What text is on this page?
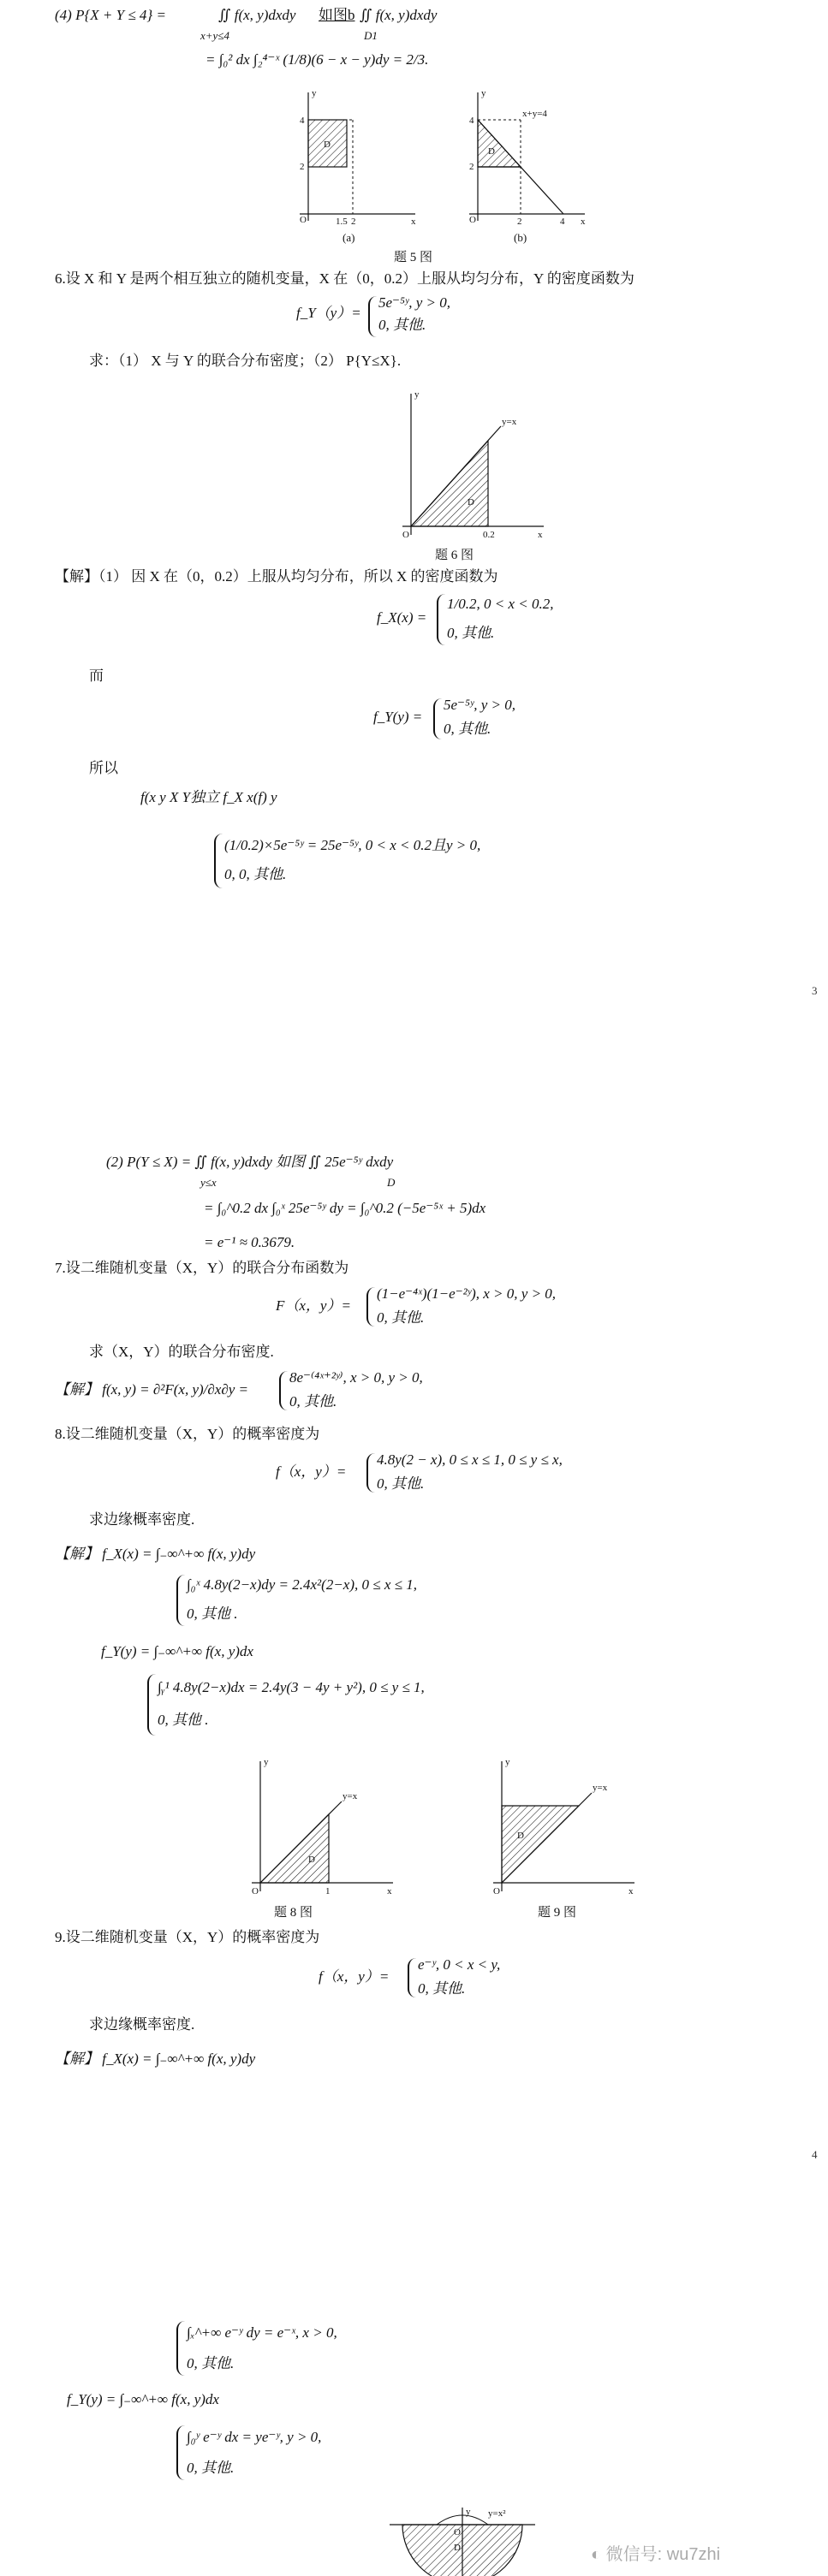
(4) P{X + Y ≤ 4} =	∬ f(x, y)dxdy
x+y≤4
如图b ∬ f(x, y)dxdy
D1
= ∫₀² dx ∫₂⁴⁻ˣ (1/8)(6 − x − y)dy = 2/3.
y
x
O	1.5 2
4
2
D
(a)
y
x
O	2	4
4
2
x+y=4
D
(b)
题 5 图
6.设 X 和 Y 是两个相互独立的随机变量，X 在（0，0.2）上服从均匀分布，Y 的密度函数为
f_Y（y）=
5e⁻⁵ʸ, y > 0,
0, 其他.
求：（1） X 与 Y 的联合分布密度；（2） P{Y≤X}.
y
y=x
D
O	0.2	x
题 6 图
【解】（1） 因 X 在（0，0.2）上服从均匀分布，所以 X 的密度函数为
f_X(x) =
1/0.2, 0 < x < 0.2,
0, 其他.
而
f_Y(y) =
5e⁻⁵ʸ, y > 0,
0, 其他.
所以
f(x y X Y独立 f_X x(f) y
(1/0.2)×5e⁻⁵ʸ = 25e⁻⁵ʸ, 0 < x < 0.2且y > 0,
0, 0, 其他.
3
(2) P(Y ≤ X) = ∬ f(x, y)dxdy 如图 ∬ 25e⁻⁵ʸ dxdy
y≤x	D
= ∫₀^0.2 dx ∫₀ˣ 25e⁻⁵ʸ dy = ∫₀^0.2 (−5e⁻⁵ˣ + 5)dx
= e⁻¹ ≈ 0.3679.
7.设二维随机变量（X，Y）的联合分布函数为
F（x，y）=
(1−e⁻⁴ˣ)(1−e⁻²ʸ), x > 0, y > 0,
0, 其他.
求（X，Y）的联合分布密度.
【解】 f(x, y) = ∂²F(x, y)/∂x∂y =
8e⁻⁽⁴ˣ⁺²ʸ⁾, x > 0, y > 0,
0, 其他.
8.设二维随机变量（X，Y）的概率密度为
f（x，y）=
4.8y(2 − x), 0 ≤ x ≤ 1, 0 ≤ y ≤ x,
0, 其他.
求边缘概率密度.
【解】 f_X(x) = ∫₋∞^+∞ f(x, y)dy
∫₀ˣ 4.8y(2−x)dy = 2.4x²(2−x), 0 ≤ x ≤ 1,
0, 其他 .
f_Y(y) = ∫₋∞^+∞ f(x, y)dx
∫ᵧ¹ 4.8y(2−x)dx = 2.4y(3 − 4y + y²), 0 ≤ y ≤ 1,
0, 其他 .
y
y=x
D
O	1	x
y
y=x
D
O	x
题 8 图	题 9 图
9.设二维随机变量（X，Y）的概率密度为
f（x，y）=
e⁻ʸ, 0 < x < y,
0, 其他.
求边缘概率密度.
【解】 f_X(x) = ∫₋∞^+∞ f(x, y)dy
4
∫ₓ^+∞ e⁻ʸ dy = e⁻ˣ, x > 0,
0, 其他.
f_Y(y) = ∫₋∞^+∞ f(x, y)dx
∫₀ʸ e⁻ʸ dx = ye⁻ʸ, y > 0,
0, 其他.
y y=x²
D
O
◐ 微信号: wu7zhi
